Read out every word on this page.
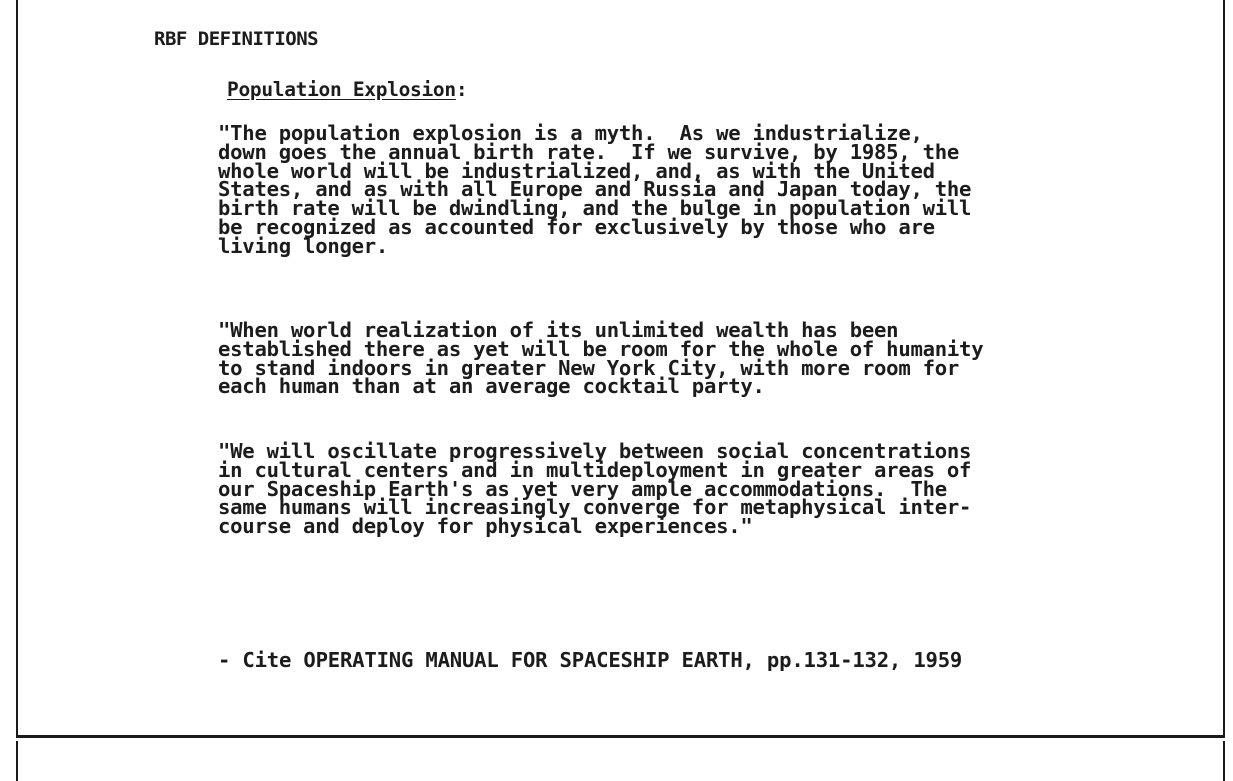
RBF DEFINITIONS
Population Explosion:

"The population explosion is a myth.  As we industrialize,
down goes the annual birth rate.  If we survive, by 1985, the
whole world will be industrialized, and, as with the United
States, and as with all Europe and Russia and Japan today, the
birth rate will be dwindling, and the bulge in population will
be recognized as accounted for exclusively by those who are
living longer.

"When world realization of its unlimited wealth has been
established there as yet will be room for the whole of humanity
to stand indoors in greater New York City, with more room for
each human than at an average cocktail party.

"We will oscillate progressively between social concentrations
in cultural centers and in multideployment in greater areas of
our Spaceship Earth's as yet very ample accommodations.  The
same humans will increasingly converge for metaphysical inter-
course and deploy for physical experiences."

- Cite OPERATING MANUAL FOR SPACESHIP EARTH, pp.131-132, 1959
